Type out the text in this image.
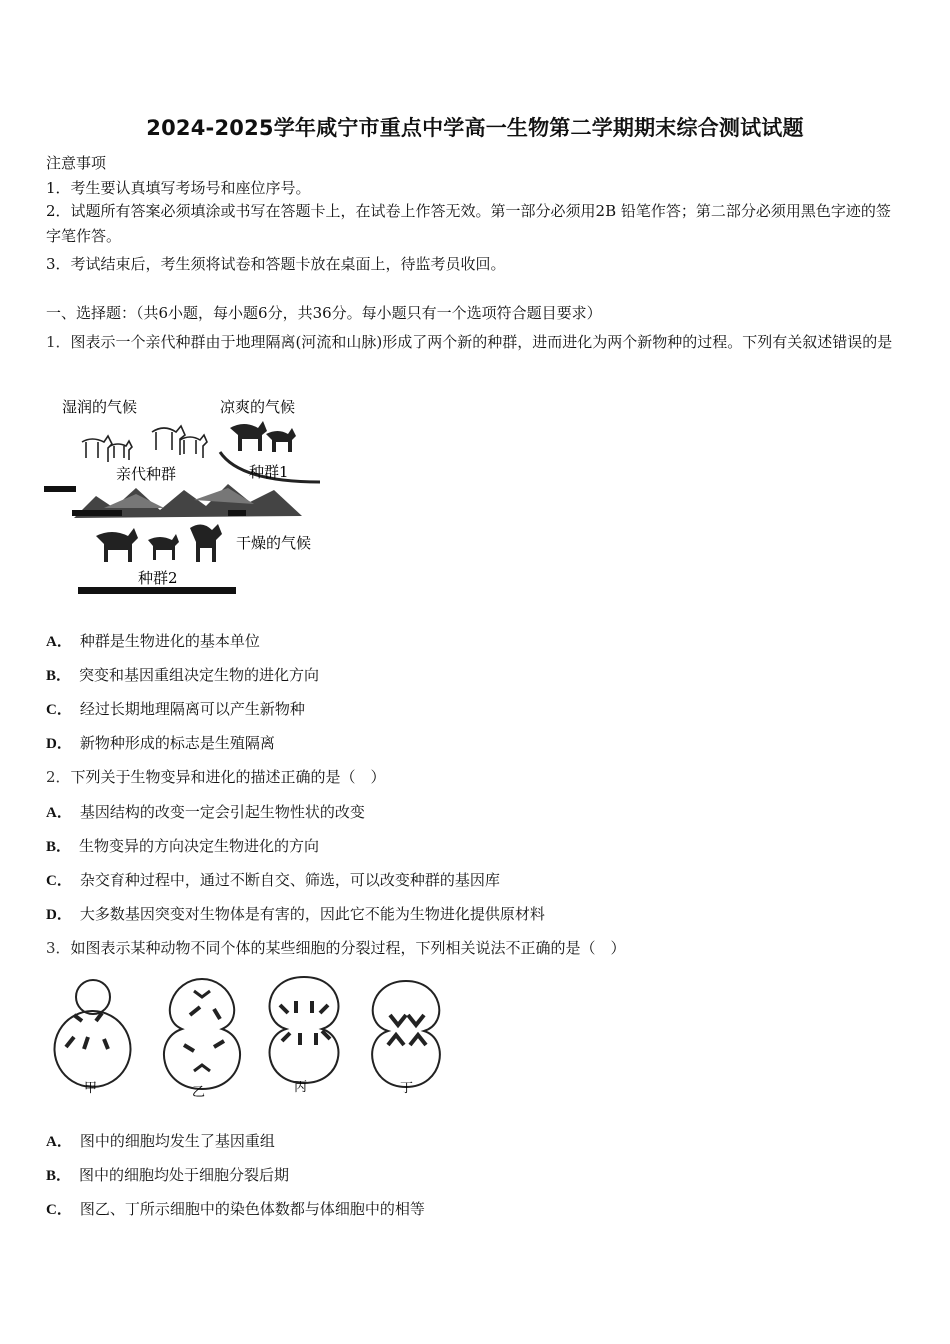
2024-2025学年咸宁市重点中学高一生物第二学期期末综合测试试题
注意事项
1．考生要认真填写考场号和座位序号。
2．试题所有答案必须填涂或书写在答题卡上，在试卷上作答无效。第一部分必须用2B 铅笔作答；第二部分必须用黑色字迹的签字笔作答。
3．考试结束后，考生须将试卷和答题卡放在桌面上，待监考员收回。
一、选择题：（共6小题，每小题6分，共36分。每小题只有一个选项符合题目要求）
1．图表示一个亲代种群由于地理隔离(河流和山脉)形成了两个新的种群，进而进化为两个新物种的过程。下列有关叙述错误的是
湿润的气候	凉爽的气候
亲代种群	种群1
干燥的气候
种群2
A． 种群是生物进化的基本单位
B． 突变和基因重组决定生物的进化方向
C． 经过长期地理隔离可以产生新物种
D． 新物种形成的标志是生殖隔离
2．下列关于生物变异和进化的描述正确的是（　）
A． 基因结构的改变一定会引起生物性状的改变
B． 生物变异的方向决定生物进化的方向
C． 杂交育种过程中，通过不断自交、筛选，可以改变种群的基因库
D． 大多数基因突变对生物体是有害的，因此它不能为生物进化提供原材料
3．如图表示某种动物不同个体的某些细胞的分裂过程，下列相关说法不正确的是（　）
甲	乙	丙	丁
A． 图中的细胞均发生了基因重组
B． 图中的细胞均处于细胞分裂后期
C． 图乙、丁所示细胞中的染色体数都与体细胞中的相等
